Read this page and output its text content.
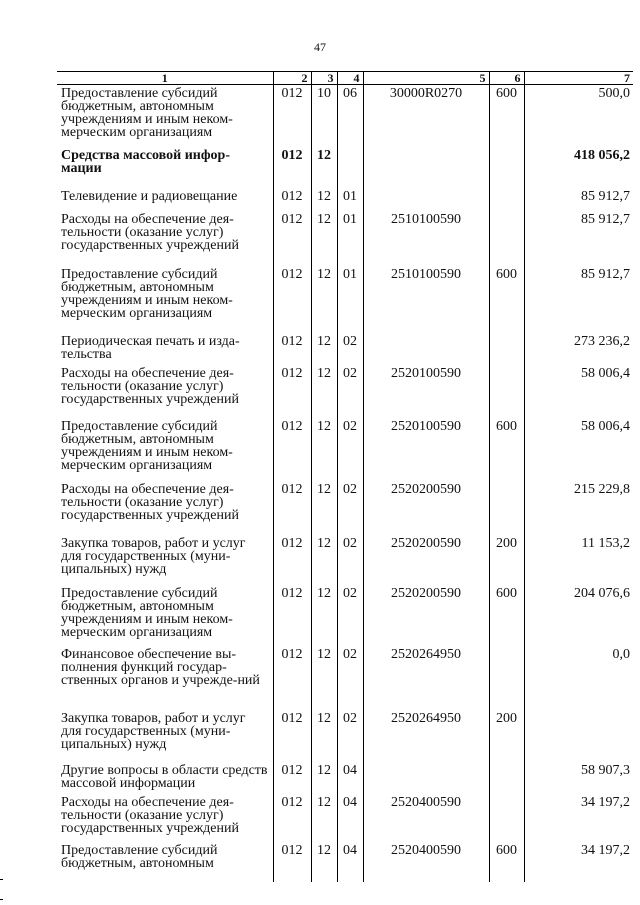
47
1	2	3	4	5	6	7
Предоставление субсидий бюджетным, автономным учреждениям и иным неком-мерческим организациям	012	10	06	30000R0270	600	500,0
Средства массовой инфор-мации	012	12				418 056,2
Телевидение и радиовещание	012	12	01			85 912,7
Расходы на обеспечение дея-тельности (оказание услуг) государственных учреждений	012	12	01	2510100590		85 912,7
Предоставление субсидий бюджетным, автономным учреждениям и иным неком-мерческим организациям	012	12	01	2510100590	600	85 912,7
Периодическая печать и изда-тельства	012	12	02			273 236,2
Расходы на обеспечение дея-тельности (оказание услуг) государственных учреждений	012	12	02	2520100590		58 006,4
Предоставление субсидий бюджетным, автономным учреждениям и иным неком-мерческим организациям	012	12	02	2520100590	600	58 006,4
Расходы на обеспечение дея-тельности (оказание услуг) государственных учреждений	012	12	02	2520200590		215 229,8
Закупка товаров, работ и услуг для государственных (муни-ципальных) нужд	012	12	02	2520200590	200	11 153,2
Предоставление субсидий бюджетным, автономным учреждениям и иным неком-мерческим организациям	012	12	02	2520200590	600	204 076,6
Финансовое обеспечение вы-полнения функций государ-ственных органов и учрежде-ний	012	12	02	2520264950		0,0
Закупка товаров, работ и услуг для государственных (муни-ципальных) нужд	012	12	02	2520264950	200	
Другие вопросы в области средств массовой информации	012	12	04			58 907,3
Расходы на обеспечение дея-тельности (оказание услуг) государственных учреждений	012	12	04	2520400590		34 197,2
Предоставление субсидий бюджетным, автономным	012	12	04	2520400590	600	34 197,2
